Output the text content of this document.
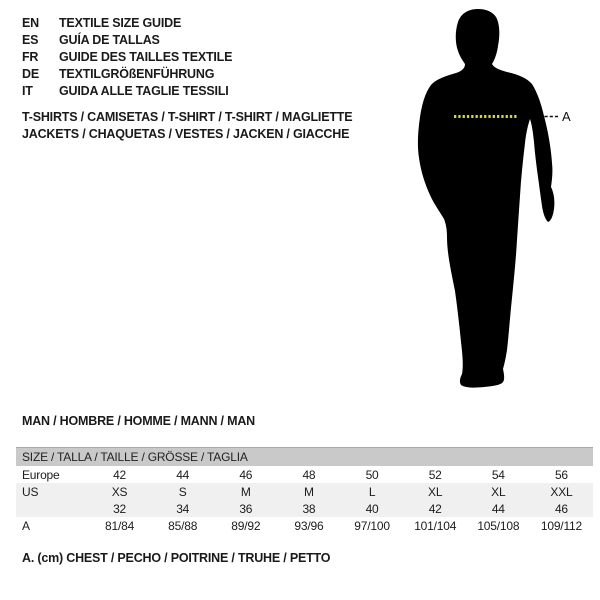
A
EN TEXTILE SIZE GUIDE
ES GUÍA DE TALLAS
FR GUIDE DES TAILLES TEXTILE
DE TEXTILGRÖßENFÜHRUNG
IT GUIDA ALLE TAGLIE TESSILI
T-SHIRTS / CAMISETAS / T-SHIRT / T-SHIRT / MAGLIETTE
JACKETS / CHAQUETAS / VESTES / JACKEN / GIACCHE
MAN / HOMBRE / HOMME / MANN / MAN
SIZE / TALLA / TAILLE / GRÖSSE / TAGLIA								
Europe	42	44	46	48	50	52	54	56
US	XS	S	M	M	L	XL	XL	XXL
	32	34	36	38	40	42	44	46
A	81/84	85/88	89/92	93/96	97/100	101/104	105/108	109/112
A. (cm) CHEST / PECHO / POITRINE / TRUHE / PETTO
